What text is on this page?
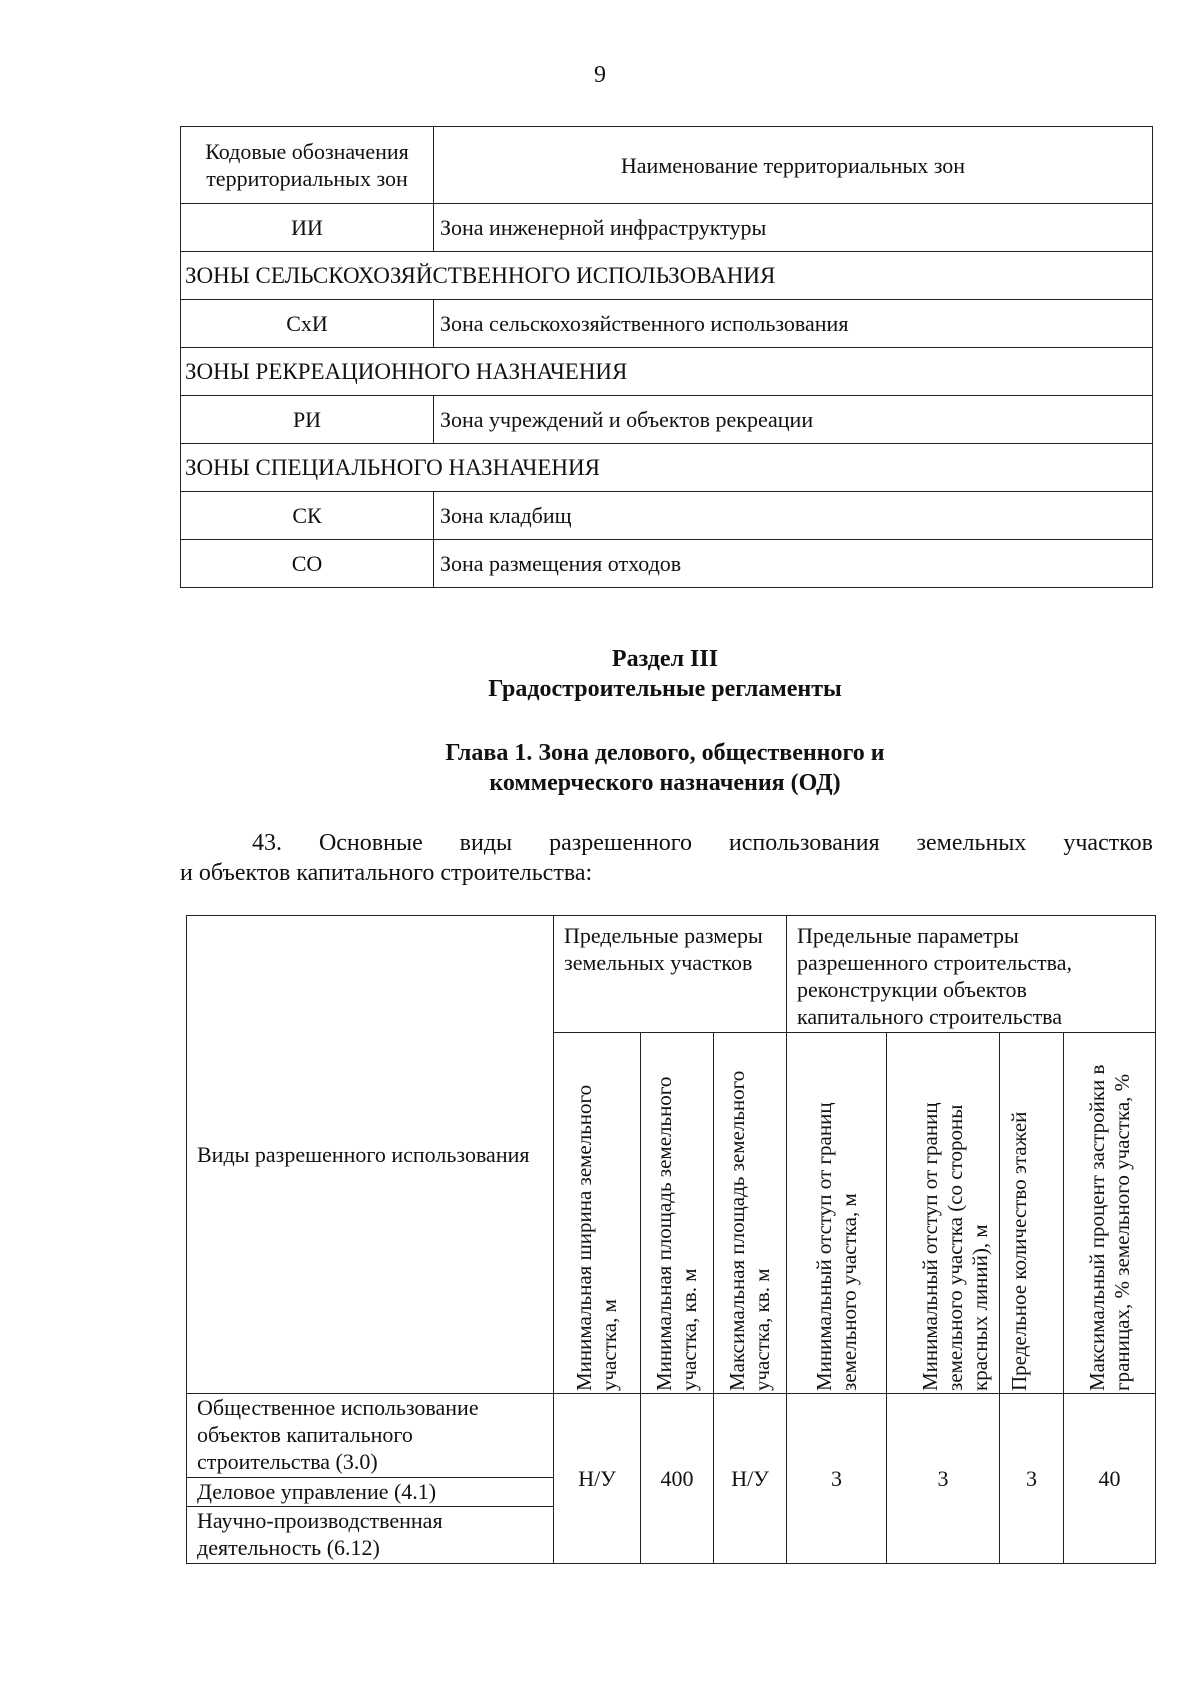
9
Кодовые обозначения территориальных зон	Наименование территориальных зон
ИИ	Зона инженерной инфраструктуры
ЗОНЫ СЕЛЬСКОХОЗЯЙСТВЕННОГО ИСПОЛЬЗОВАНИЯ	
СхИ	Зона сельскохозяйственного использования
ЗОНЫ РЕКРЕАЦИОННОГО НАЗНАЧЕНИЯ	
РИ	Зона учреждений и объектов рекреации
ЗОНЫ СПЕЦИАЛЬНОГО НАЗНАЧЕНИЯ	
СК	Зона кладбищ
СО	Зона размещения отходов
Раздел III
Градостроительные регламенты
Глава 1. Зона делового, общественного и
коммерческого назначения (ОД)
43. Основные виды разрешенного использования земельных участков
и объектов капитального строительства:
Виды разрешенного использования	Предельные размеры земельных участков			Предельные параметры разрешенного строительства, реконструкции объектов капитального строительства			

	Минимальная ширина земельного участка, м	Минимальная площадь земельного участка, кв. м	Максимальная площадь земельного участка, кв. м	Минимальный отступ от границ земельного участка, м	Минимальный отступ от границ земельного участка (со стороны красных линий), м	Предельное количество этажей	Максимальный процент застройки в границах, % земельного участка, %

Общественное использование объектов капитального строительства (3.0)	Н/У	400	Н/У	3	3	3	40
Деловое управление (4.1)							
Научно-производственная деятельность (6.12)							
